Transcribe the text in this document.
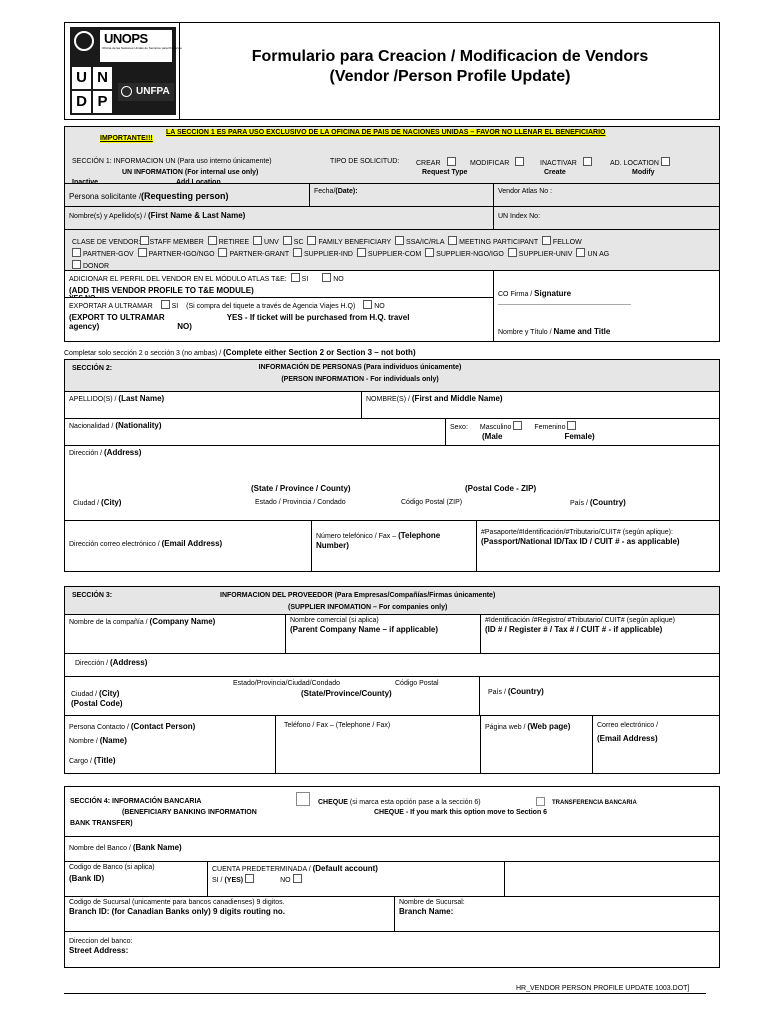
UNOPS
Oficina de las Naciones Unidas de Servicios para Proyectos
U N
D P
UNFPA
Formulario para Creacion / Modificacion de Vendors
(Vendor /Person Profile Update)
IMPORTANTE!!!
LA SECCION 1 ES PARA USO EXCLUSIVO DE LA OFICINA DE PAIS DE NACIONES UNIDAS – FAVOR NO LLENAR EL BENEFICIARIO
SECCIÓN 1: INFORMACION UN (Para uso interno únicamente)
UN INFORMATION (For internal use only)
TIPO DE SOLICITUD:
Request Type
CREAR
Create
MODIFICAR
Modify
INACTIVAR	AD. LOCATION
Inactive	Add Location
Persona solicitante /(Requesting person)	Fecha/(Date):	Vendor Atlas No :
Nombre(s) y Apellido(s) / (First Name & Last Name)	UN Index No:
CLASE DE VENDOR: STAFF MEMBER RETIREE UNV SC FAMILY BENEFICIARY SSA/IC/RLA MEETING PARTICIPANT FELLOW
PARTNER-GOV PARTNER-IGO/NGO PARTNER-GRANT SUPPLIER-IND SUPPLIER-COM SUPPLIER-NGO/IGO SUPPLIER-UNIV UN AG
DONOR
ADICIONAR EL PERFIL DEL VENDOR EN EL MÓDULO ATLAS T&E: SI	NO
(ADD THIS VENDOR PROFILE TO T&E MODULE)
EXPORTAR A ULTRAMAR	SI (Si compra del tiquete a través de Agencia Viajes H.Q)	NO
(EXPORT TO ULTRAMAR	YES - If ticket will be purchased from H.Q. travel
agency)	NO)
CO Firma / Signature
———————————————————
Nombre y Título / Name and Title
Completar solo sección 2 o sección 3 (no ambas) / (Complete either Section 2 or Section 3 – not both)
SECCIÓN 2:	INFORMACIÓN DE PERSONAS (Para individuos únicamente)
(PERSON INFORMATION - For individuals only)
APELLIDO(S) / (Last Name)	NOMBRE(S) / (First and Middle Name)
Nacionalidad / (Nationality)	Sexo: Masculino	Femenino
(Male	Female)
Dirección / (Address)
(State / Province / County)	(Postal Code - ZIP)
Ciudad / (City)	Estado / Provincia / Condado	Código Postal (ZIP)	País / (Country)
Dirección correo electrónico / (Email Address)
Número telefónico / Fax – (Telephone
Number)
#Pasaporte/#Identificación/#Tributario/CUIT# (según aplique):
(Passport/National ID/Tax ID / CUIT # - as applicable)
SECCIÓN 3:	INFORMACION DEL PROVEEDOR (Para Empresas/Compañías/Firmas únicamente)
(SUPPLIER INFOMATION – For companies only)
Nombre de la compañía / (Company Name)	Nombre comercial (si aplica)
(Parent Company Name – if applicable)
#Identificación /#Registro/ #Tributario/ CUIT# (según aplique)
(ID # / Register # / Tax # / CUIT # - if applicable)
Dirección / (Address)
Estado/Provincia/Ciudad/Condado	Código Postal
Ciudad / (City)	(State/Province/County)
(Postal Code)
País / (Country)
Persona Contacto / (Contact Person)
Nombre / (Name)
Cargo / (Title)
Teléfono / Fax – (Telephone / Fax)	Página web / (Web page)	Correo electrónico /
(Email Address)
SECCIÓN 4: INFORMACIÓN BANCARIA
(BENEFICIARY BANKING INFORMATION
BANK TRANSFER)
CHEQUE (si marca esta opción pase a la sección 6)
CHEQUE - If you mark this option move to Section 6
TRANSFERENCIA BANCARIA
Nombre del Banco / (Bank Name)
Codigo de Banco (si aplica)
(Bank ID)
CUENTA PREDETERMINADA / (Default account)
SI / (YES)	NO
Codigo de Sucursal (unicamente para bancos canadienses) 9 digitos.
Branch ID: (for Canadian Banks only) 9 digits routing no.
Nombre de Sucursal:
Branch Name:
Direccion del banco:
Street Address:
HR_VENDOR PERSON PROFILE UPDATE 1003.DOT]
